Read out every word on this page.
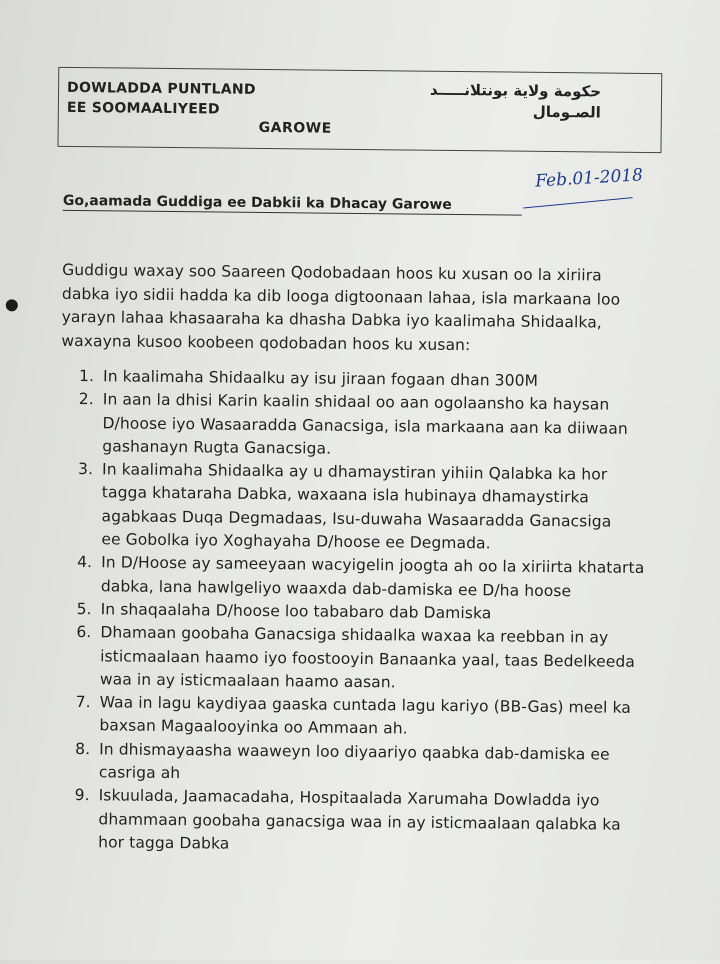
DOWLADDA PUNTLAND
EE SOOMAALIYEED
حكومة ولاية بونتلانـــــد
الصـومال
GAROWE
Feb.01-2018
Go,aamada Guddiga ee Dabkii ka Dhacay Garowe
Guddigu waxay soo Saareen Qodobadaan hoos ku xusan oo la xiriira
dabka iyo sidii hadda ka dib looga digtoonaan lahaa, isla markaana loo
yarayn lahaa khasaaraha ka dhasha Dabka iyo kaalimaha Shidaalka,
waxayna kusoo koobeen qodobadan hoos ku xusan:
1. In kaalimaha Shidaalku ay isu jiraan fogaan dhan 300M
2. In aan la dhisi Karin kaalin shidaal oo aan ogolaansho ka haysan
D/hoose iyo Wasaaradda Ganacsiga, isla markaana aan ka diiwaan
gashanayn Rugta Ganacsiga.
3. In kaalimaha Shidaalka ay u dhamaystiran yihiin Qalabka ka hor
tagga khataraha Dabka, waxaana isla hubinaya dhamaystirka
agabkaas Duqa Degmadaas, Isu-duwaha Wasaaradda Ganacsiga
ee Gobolka iyo Xoghayaha D/hoose ee Degmada.
4. In D/Hoose ay sameeyaan wacyigelin joogta ah oo la xiriirta khatarta
dabka, lana hawlgeliyo waaxda dab-damiska ee D/ha hoose
5. In shaqaalaha D/hoose loo tababaro dab Damiska
6. Dhamaan goobaha Ganacsiga shidaalka waxaa ka reebban in ay
isticmaalaan haamo iyo foostooyin Banaanka yaal, taas Bedelkeeda
waa in ay isticmaalaan haamo aasan.
7. Waa in lagu kaydiyaa gaaska cuntada lagu kariyo (BB-Gas) meel ka
baxsan Magaalooyinka oo Ammaan ah.
8. In dhismayaasha waaweyn loo diyaariyo qaabka dab-damiska ee
casriga ah
9. Iskuulada, Jaamacadaha, Hospitaalada Xarumaha Dowladda iyo
dhammaan goobaha ganacsiga waa in ay isticmaalaan qalabka ka
hor tagga Dabka
